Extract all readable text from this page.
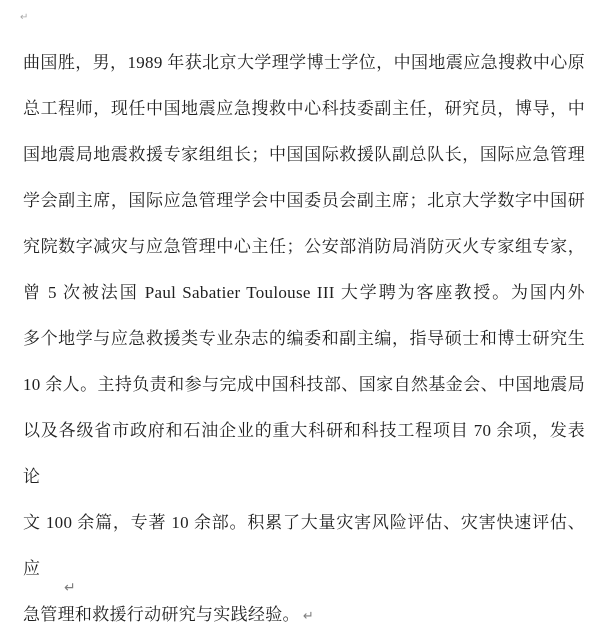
↵
曲国胜，男，1989 年获北京大学理学博士学位，中国地震应急搜救中心原
总工程师，现任中国地震应急搜救中心科技委副主任，研究员，博导，中
国地震局地震救援专家组组长；中国国际救援队副总队长，国际应急管理
学会副主席，国际应急管理学会中国委员会副主席；北京大学数字中国研
究院数字减灾与应急管理中心主任；公安部消防局消防灭火专家组专家，
曾 5 次被法国 Paul Sabatier Toulouse III 大学聘为客座教授。为国内外
多个地学与应急救援类专业杂志的编委和副主编，指导硕士和博士研究生
10 余人。主持负责和参与完成中国科技部、国家自然基金会、中国地震局
以及各级省市政府和石油企业的重大科研和科技工程项目 70 余项，发表论
文 100 余篇，专著 10 余部。积累了大量灾害风险评估、灾害快速评估、应
急管理和救援行动研究与实践经验。 ↵
↵
